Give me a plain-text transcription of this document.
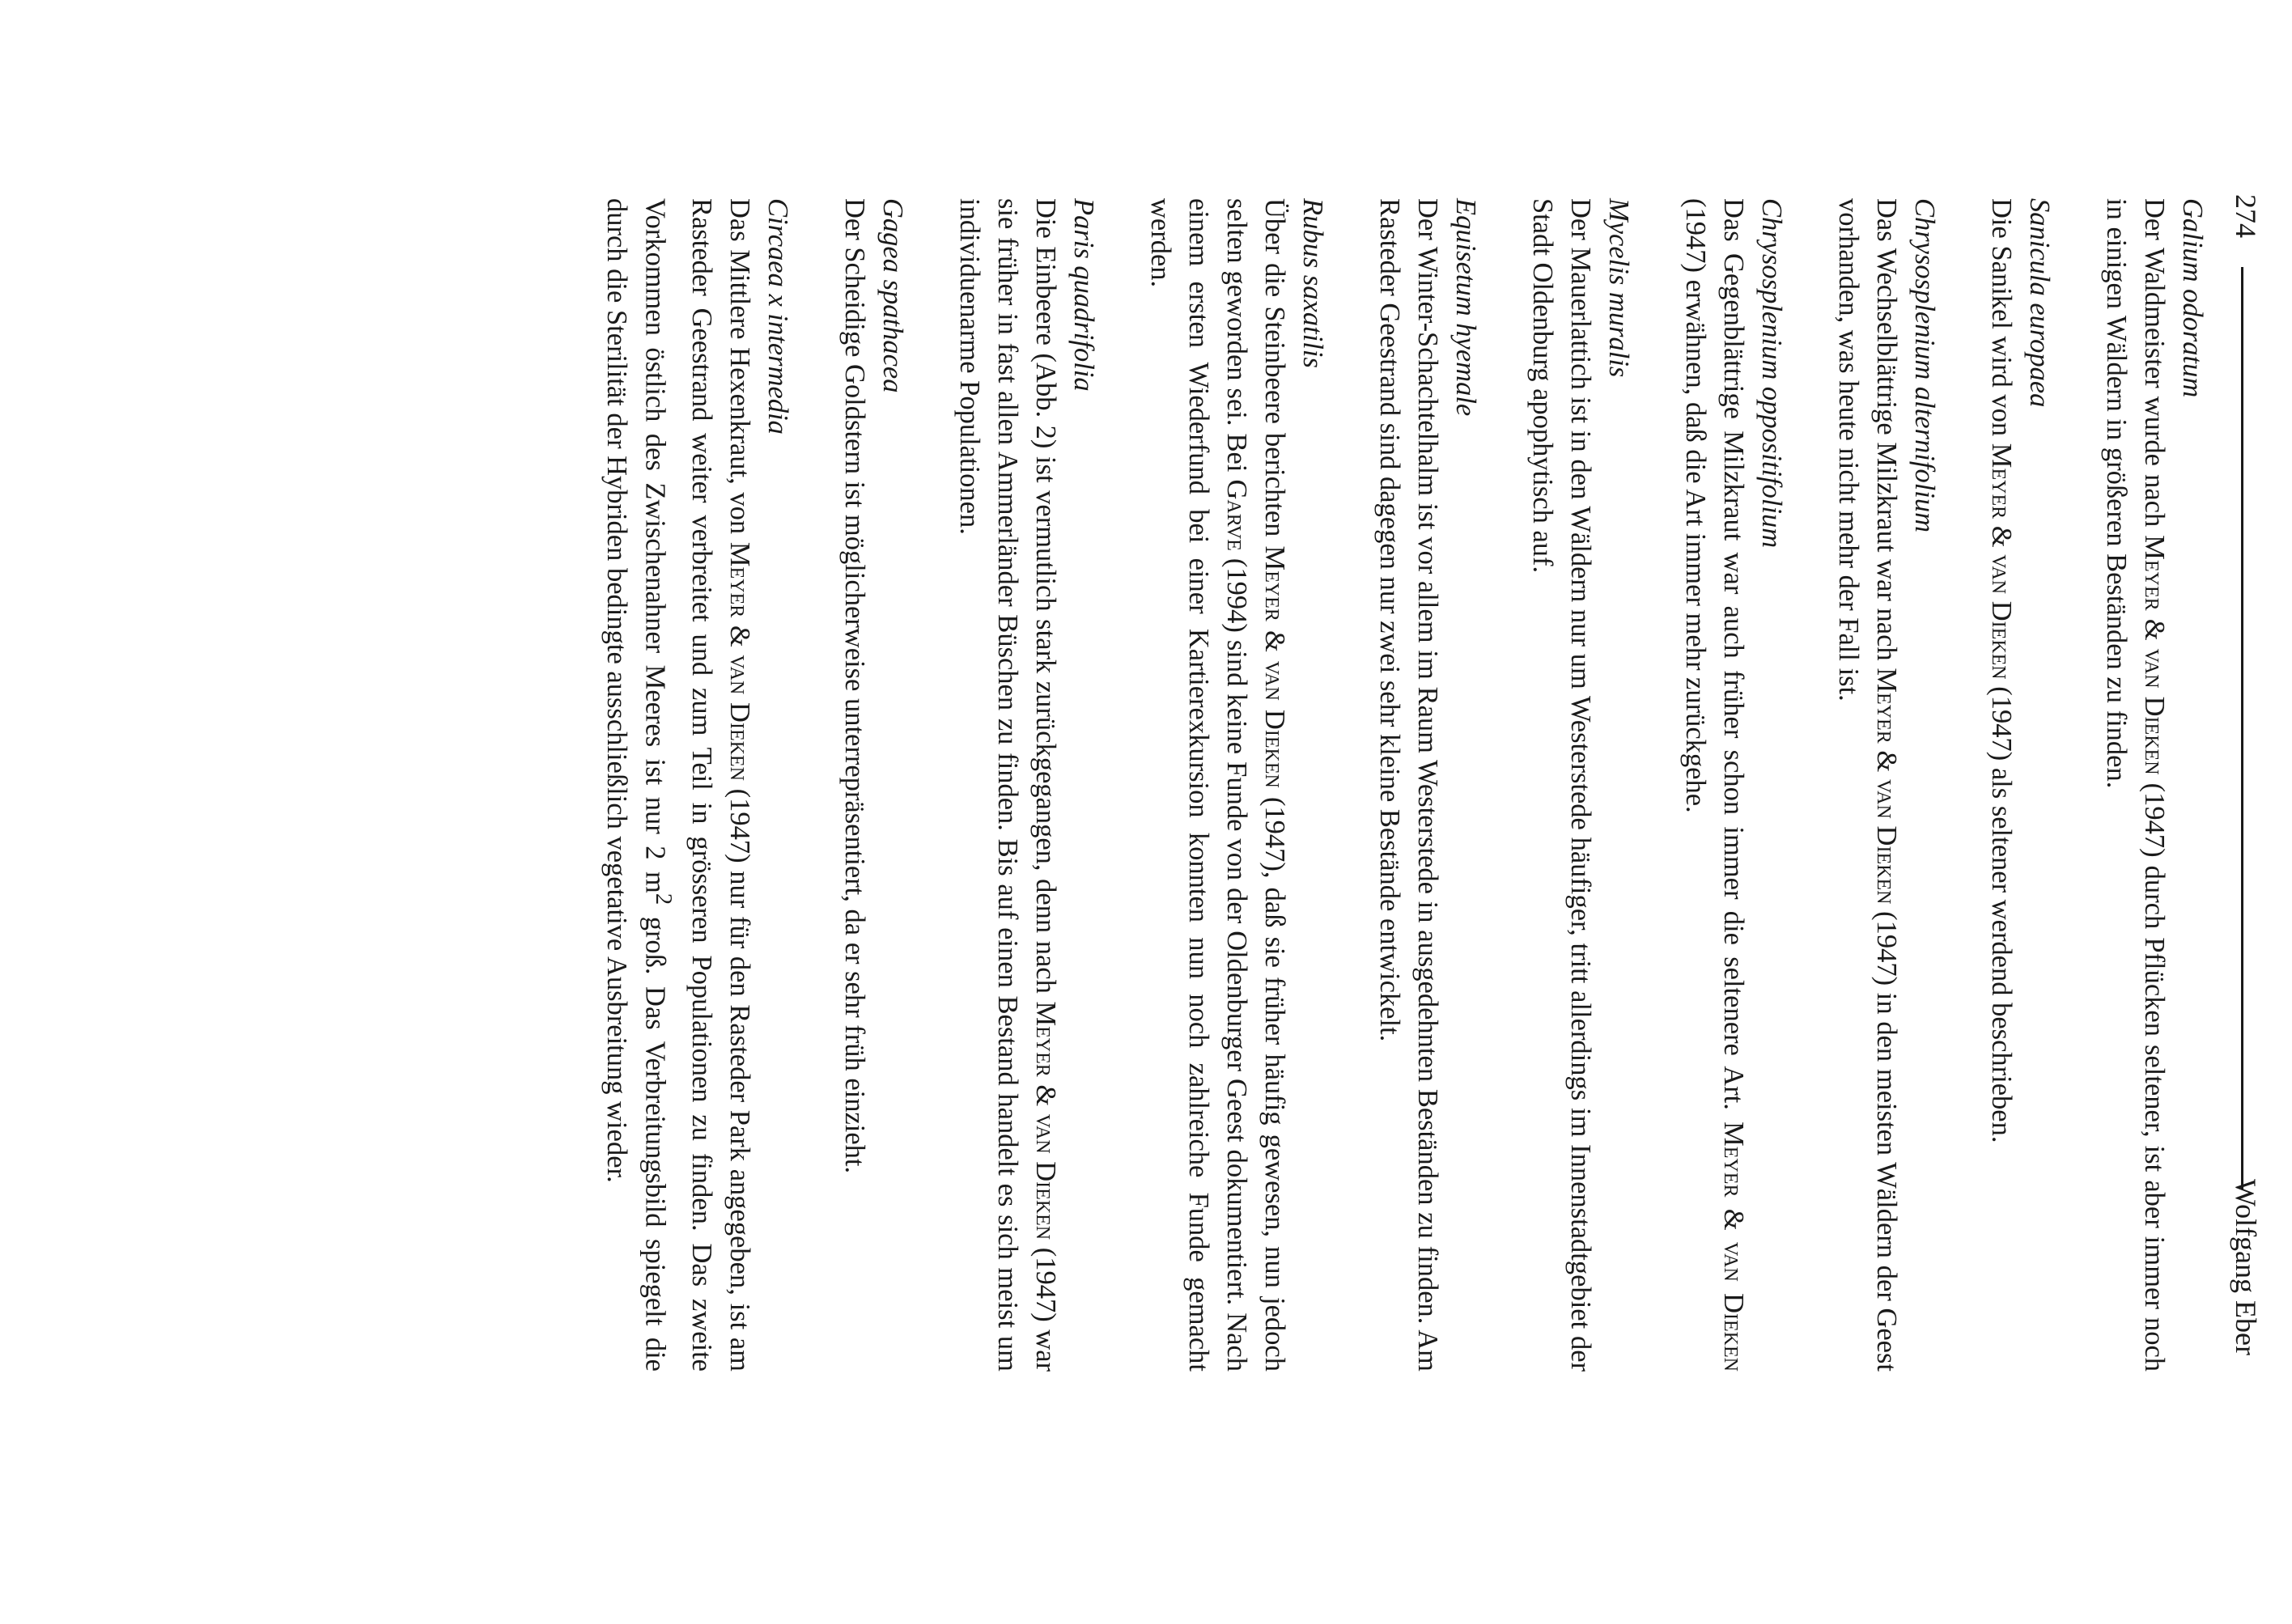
274
Wolfgang Eber
Galium odoratum
Der Waldmeister wurde nach Meyer & van Dieken (1947) durch Pflücken seltener, ist aber immer noch in einigen Wäldern in größeren Beständen zu finden.
Sanicula europaea
Die Sanikel wird von Meyer & van Dieken (1947) als seltener werdend beschrieben.
Chrysosplenium alternifolium
Das Wechselblättrige Milzkraut war nach Meyer & van Dieken (1947) in den meisten Wäldern der Geest vorhanden, was heute nicht mehr der Fall ist.
Chrysosplenium oppositifolium
Das Gegenblättrige Milzkraut war auch früher schon immer die seltenere Art. Meyer & van Dieken (1947) erwähnen, daß die Art immer mehr zurückgehe.
Mycelis muralis
Der Mauerlattich ist in den Wäldern nur um Westerstede häufiger, tritt allerdings im Innenstadtgebiet der Stadt Oldenburg apophytisch auf.
Equisetum hyemale
Der Winter-Schachtelhalm ist vor allem im Raum Westerstede in ausgedehnten Beständen zu finden. Am Rasteder Geestrand sind dagegen nur zwei sehr kleine Bestände entwickelt.
Rubus saxatilis
Über die Steinbeere berichten Meyer & van Dieken (1947), daß sie früher häufig gewesen, nun jedoch selten geworden sei. Bei Garve (1994) sind keine Funde von der Oldenburger Geest dokumentiert. Nach einem ersten Wiederfund bei einer Kartierexkursion konnten nun noch zahlreiche Funde gemacht werden.
Paris quadrifolia
Die Einbeere (Abb. 2) ist vermutlich stark zurückgegangen, denn nach Meyer & van Dieken (1947) war sie früher in fast allen Ammerländer Büschen zu finden. Bis auf einen Bestand handelt es sich meist um individuenarme Populationen.
Gagea spathacea
Der Scheidige Goldstern ist möglicherweise unterrepräsentiert, da er sehr früh einzieht.
Circaea x intermedia
Das Mittlere Hexenkraut, von Meyer & van Dieken (1947) nur für den Rasteder Park angegeben, ist am Rasteder Geestrand weiter verbreitet und zum Teil in grösseren Populationen zu finden. Das zweite Vorkommen östlich des Zwischenahner Meeres ist nur 2 $m^2$ groß. Das Verbreitungsbild spiegelt die durch die Sterilität der Hybriden bedingte ausschließlich vegetative Ausbreitung wieder.
